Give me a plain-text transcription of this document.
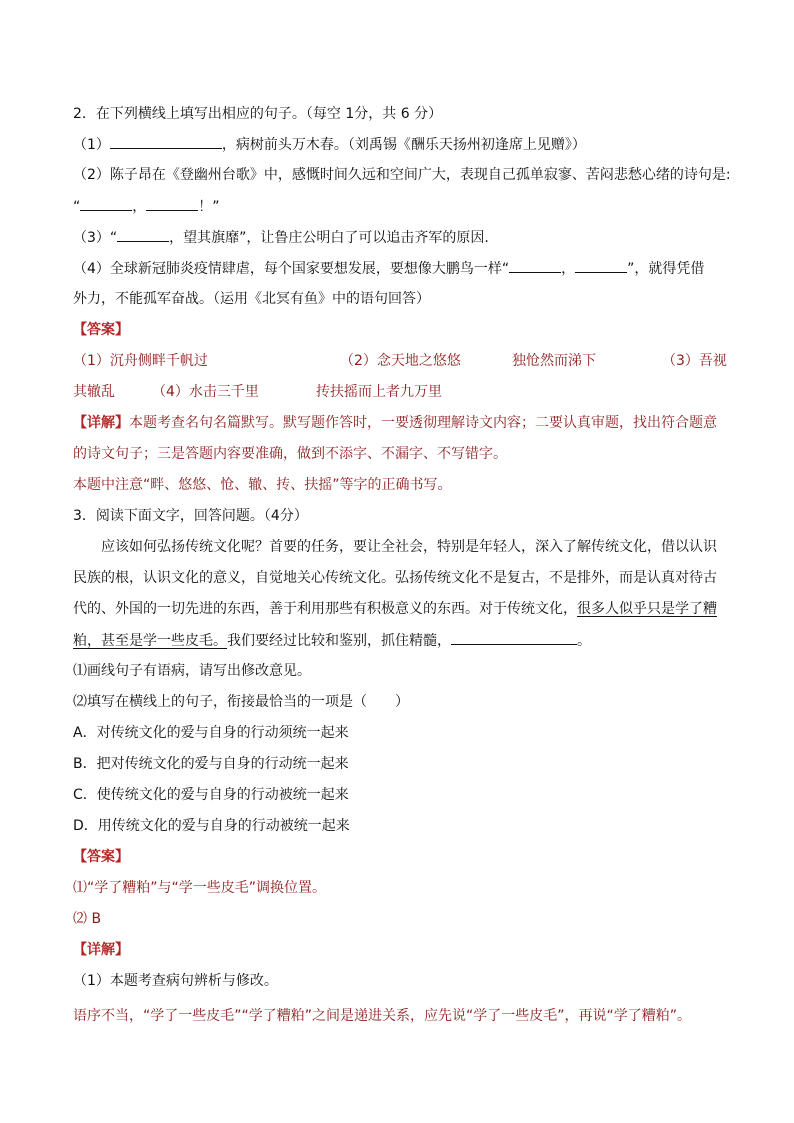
2．在下列横线上填写出相应的句子。（每空 1分，共 6 分）
（1）	，病树前头万木春。（刘禹锡《酬乐天扬州初逢席上见赠》）
（2）陈子昂在《登幽州台歌》中，感慨时间久远和空间广大，表现自己孤单寂寥、苦闷悲愁心绪的诗句是:
“	，	！”
（3）“	，望其旗靡”，让鲁庄公明白了可以追击齐军的原因.
（4）全球新冠肺炎疫情肆虐，每个国家要想发展，要想像大鹏鸟一样“	，	”，就得凭借
外力，不能孤军奋战。（运用《北冥有鱼》中的语句回答）
【答案】
（1）沉舟侧畔千帆过	（2）念天地之悠悠	独怆然而涕下	（3）吾视
其辙乱	（4）水击三千里	抟扶摇而上者九万里
【详解】本题考查名句名篇默写。默写题作答时，一要透彻理解诗文内容；二要认真审题，找出符合题意
的诗文句子；三是答题内容要准确，做到不添字、不漏字、不写错字。
本题中注意“畔、悠悠、怆、辙、抟、扶摇”等字的正确书写。
3．阅读下面文字，回答问题。（4分）
应该如何弘扬传统文化呢？首要的任务，要让全社会，特别是年轻人，深入了解传统文化，借以认识
民族的根，认识文化的意义，自觉地关心传统文化。弘扬传统文化不是复古，不是排外，而是认真对待古
代的、外国的一切先进的东西，善于利用那些有积极意义的东西。对于传统文化，很多人似乎只是学了糟
粕，甚至是学一些皮毛。我们要经过比较和鉴别，抓住精髓，	。
⑴画线句子有语病，请写出修改意见。
⑵填写在横线上的句子，衔接最恰当的一项是（　　）
A．对传统文化的爱与自身的行动须统一起来
B．把对传统文化的爱与自身的行动统一起来
C．使传统文化的爱与自身的行动被统一起来
D．用传统文化的爱与自身的行动被统一起来
【答案】
⑴“学了糟粕”与“学一些皮毛”调换位置。
⑵ B
【详解】
（1）本题考查病句辨析与修改。
语序不当，“学了一些皮毛”“学了糟粕”之间是递进关系，应先说“学了一些皮毛”，再说“学了糟粕”。
